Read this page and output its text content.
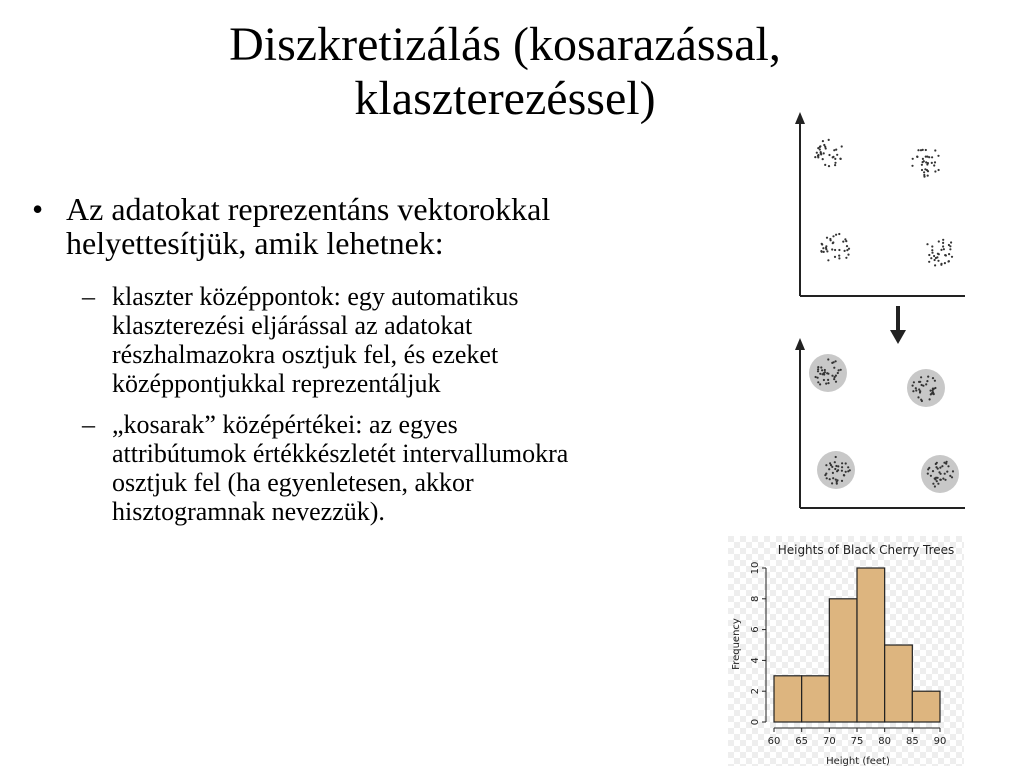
Diszkretizálás (kosarazással,
klaszterezéssel)
• Az adatokat reprezentáns vektorokkal
helyettesítjük, amik lehetnek:
– klaszter középpontok: egy automatikus
klaszterezési eljárással az adatokat
részhalmazokra osztjuk fel, és ezeket
középpontjukkal reprezentáljuk
– „kosarak” középértékei: az egyes
attribútumok értékkészletét intervallumokra
osztjuk fel (ha egyenletesen, akkor
hisztogramnak nevezzük).
Heights of Black Cherry Trees
Frequency
Height (feet)
60 65 70 75 80 85 90
0
2
4
6
8
10
